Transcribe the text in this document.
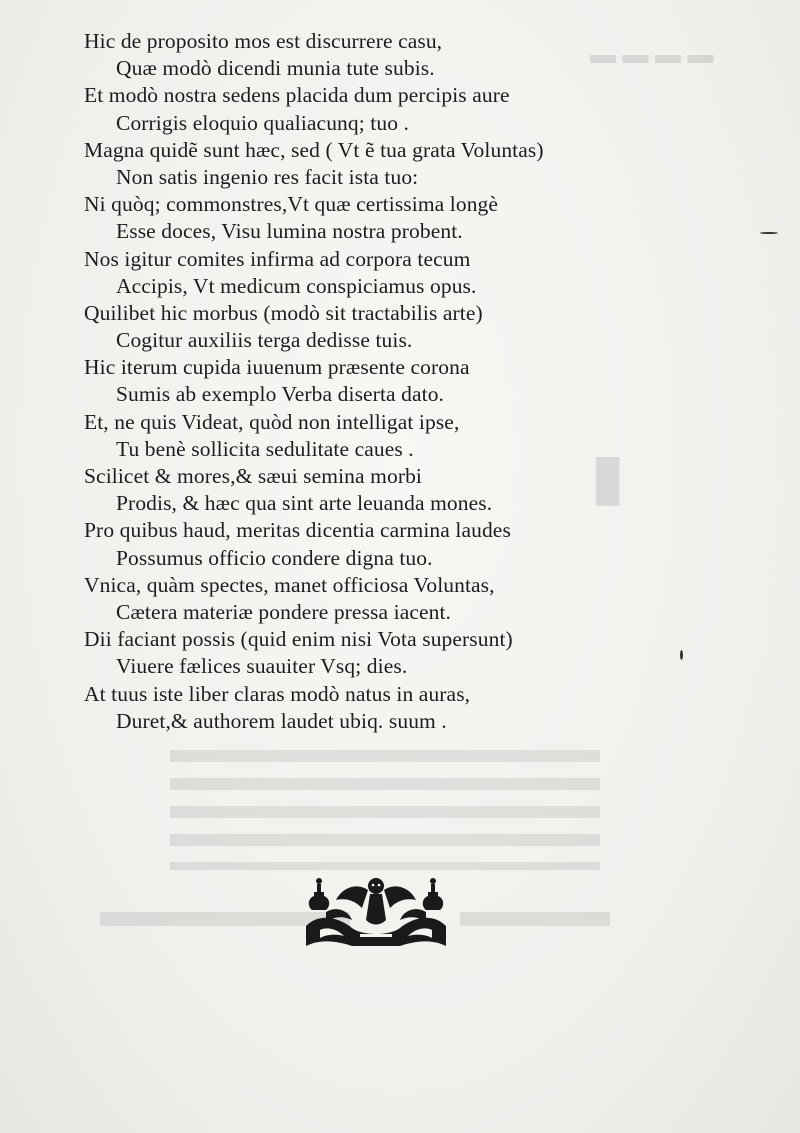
▬ ▬ ▬ ▬
▮
Hic de proposito mos est discurrere casu,
Quæ modò dicendi munia tute subis.
Et modò nostra sedens placida dum percipis aure
Corrigis eloquio qualiacunq; tuo .
Magna quidẽ sunt hæc, sed ( Vt ẽ tua grata Voluntas)
Non satis ingenio res facit ista tuo:
Ni quòq; commonstres,Vt quæ certissima longè
Esse doces, Visu lumina nostra probent.
Nos igitur comites infirma ad corpora tecum
Accipis, Vt medicum conspiciamus opus.
Quilibet hic morbus (modò sit tractabilis arte)
Cogitur auxiliis terga dedisse tuis.
Hic iterum cupida iuuenum præsente corona
Sumis ab exemplo Verba diserta dato.
Et, ne quis Videat, quòd non intelligat ipse,
Tu benè sollicita sedulitate caues .
Scilicet & mores,& sæui semina morbi
Prodis, & hæc qua sint arte leuanda mones.
Pro quibus haud, meritas dicentia carmina laudes
Possumus officio condere digna tuo.
Vnica, quàm spectes, manet officiosa Voluntas,
Cætera materiæ pondere pressa iacent.
Dii faciant possis (quid enim nisi Vota supersunt)
Viuere fælices suauiter Vsq; dies.
At tuus iste liber claras modò natus in auras,
Duret,& authorem laudet ubiq. suum .
